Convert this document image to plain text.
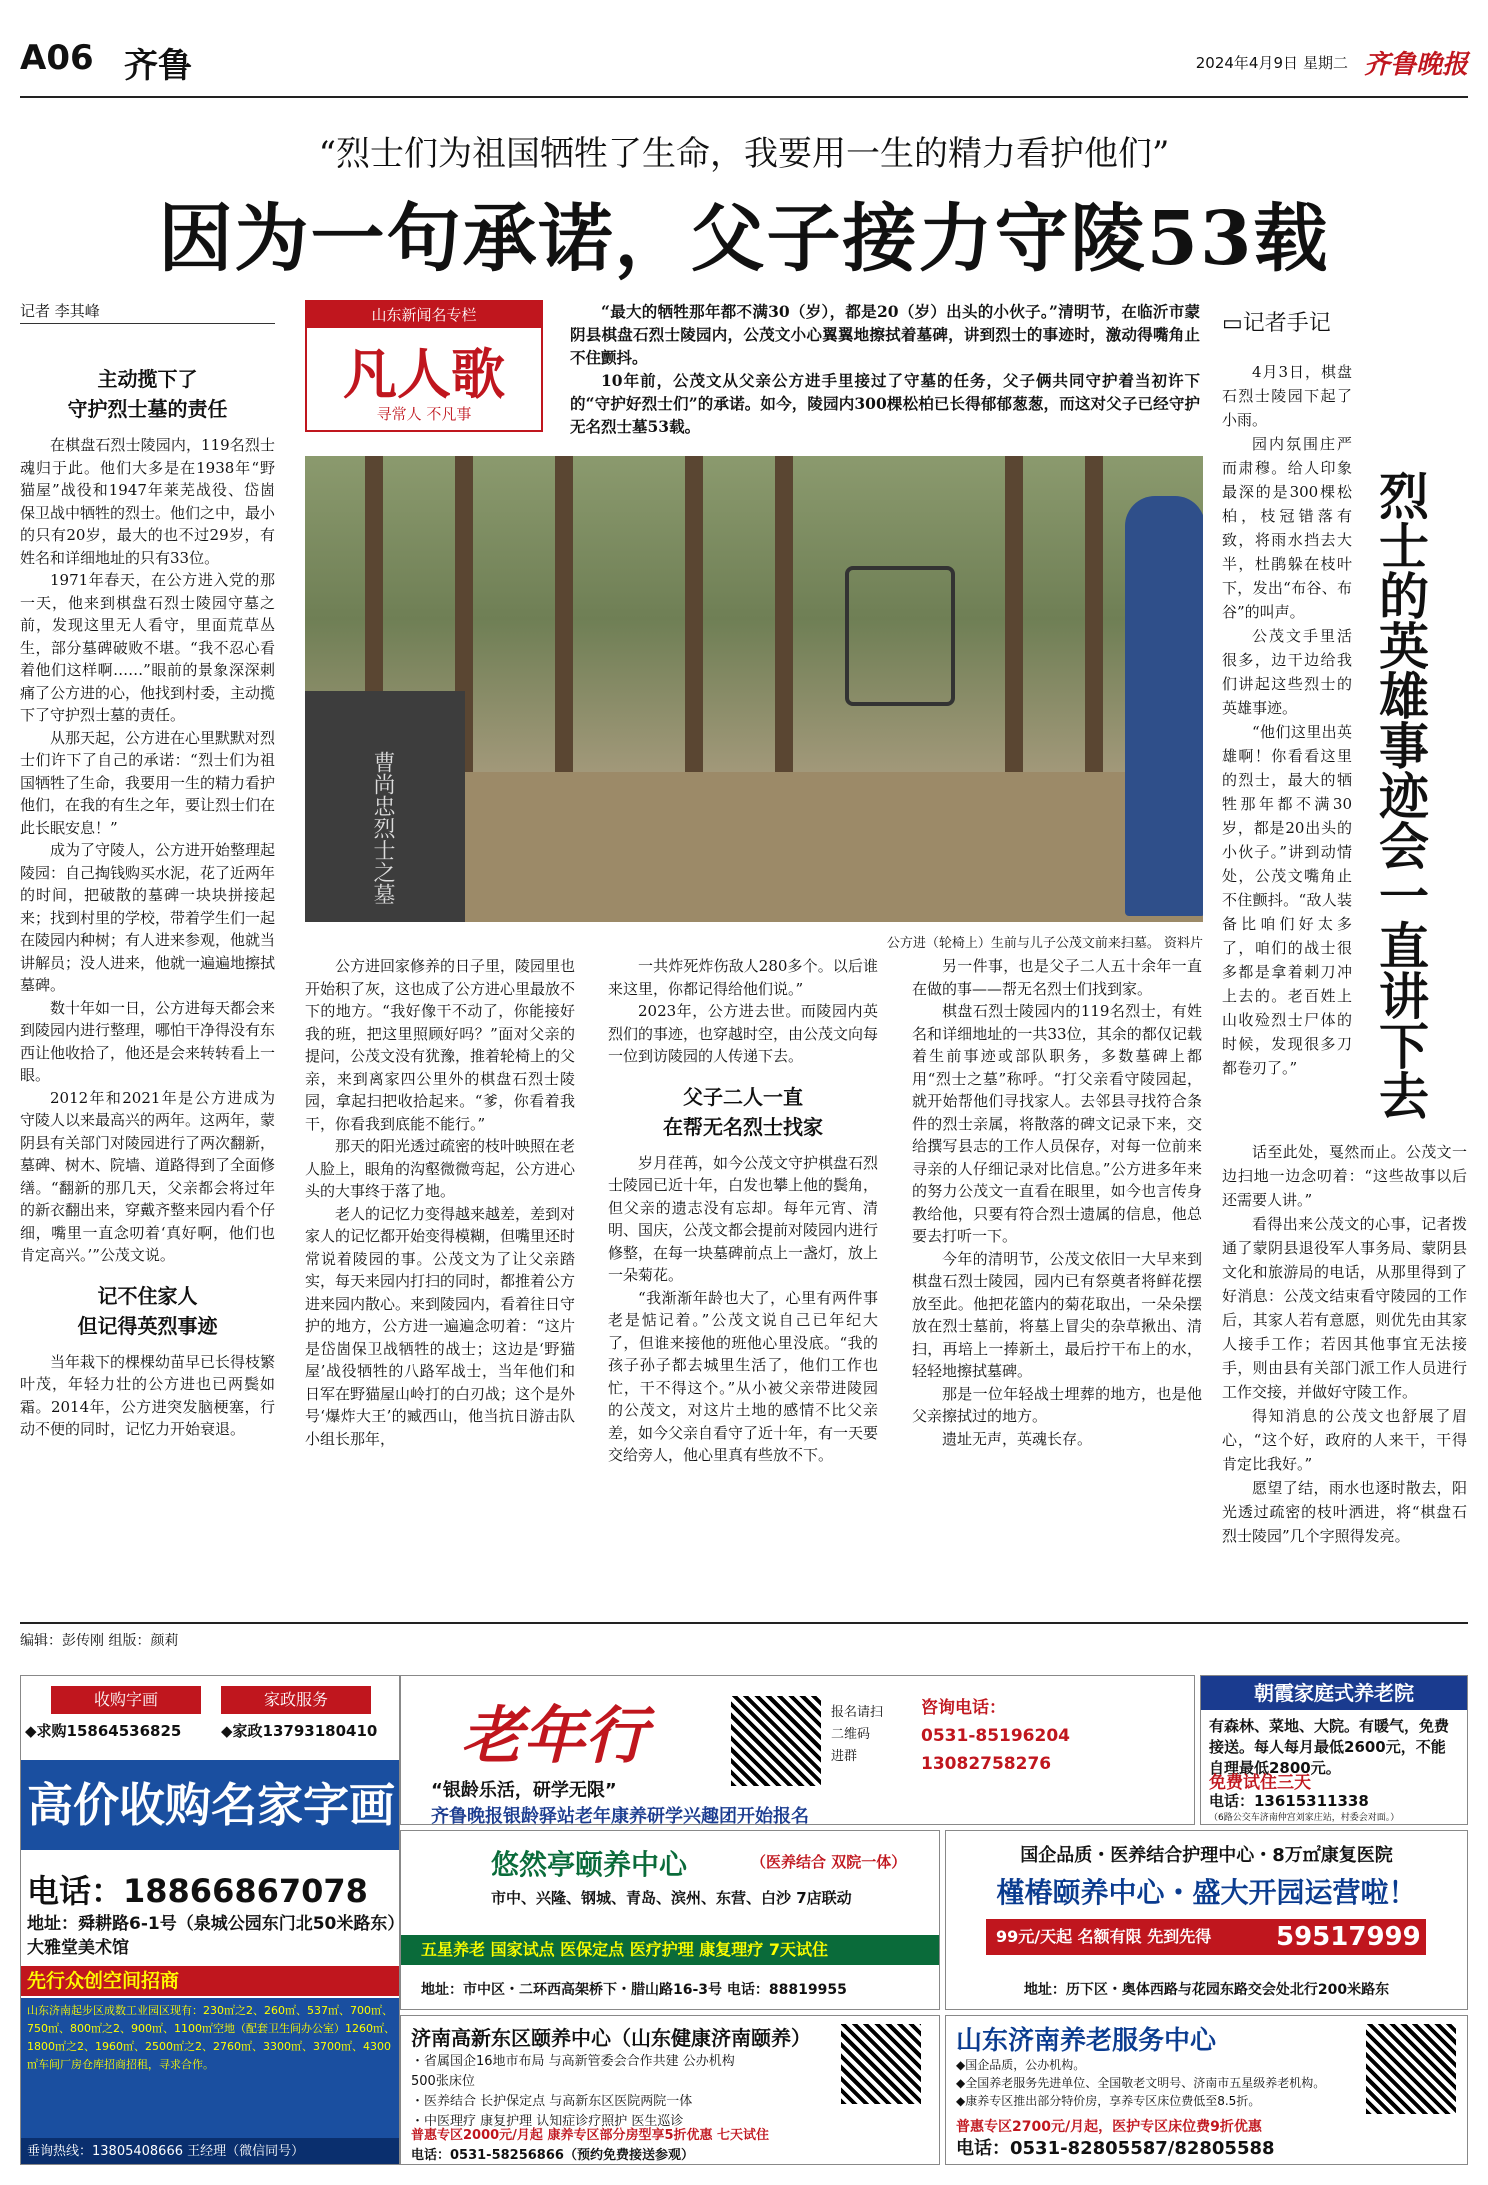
A06 齐鲁	2024年4月9日 星期二 齐鲁晚报
“烈士们为祖国牺牲了生命，我要用一生的精力看护他们”
因为一句承诺，父子接力守陵53载
记者 李其峰
主动揽下了
守护烈士墓的责任

在棋盘石烈士陵园内，119名烈士魂归于此。他们大多是在1938年“野猫屋”战役和1947年莱芜战役、岱崮保卫战中牺牲的烈士。他们之中，最小的只有20岁，最大的也不过29岁，有姓名和详细地址的只有33位。

1971年春天，在公方进入党的那一天，他来到棋盘石烈士陵园守墓之前，发现这里无人看守，里面荒草丛生，部分墓碑破败不堪。“我不忍心看着他们这样啊……”眼前的景象深深刺痛了公方进的心，他找到村委，主动揽下了守护烈士墓的责任。

从那天起，公方进在心里默默对烈士们许下了自己的承诺：“烈士们为祖国牺牲了生命，我要用一生的精力看护他们，在我的有生之年，要让烈士们在此长眠安息！”

成为了守陵人，公方进开始整理起陵园：自己掏钱购买水泥，花了近两年的时间，把破散的墓碑一块块拼接起来；找到村里的学校，带着学生们一起在陵园内种树；有人进来参观，他就当讲解员；没人进来，他就一遍遍地擦拭墓碑。

数十年如一日，公方进每天都会来到陵园内进行整理，哪怕干净得没有东西让他收拾了，他还是会来转转看上一眼。

2012年和2021年是公方进成为守陵人以来最高兴的两年。这两年，蒙阴县有关部门对陵园进行了两次翻新，墓碑、树木、院墙、道路得到了全面修缮。“翻新的那几天，父亲都会将过年的新衣翻出来，穿戴齐整来园内看个仔细，嘴里一直念叨着‘真好啊，他们也肯定高兴。’”公茂文说。

记不住家人
但记得英烈事迹

当年栽下的棵棵幼苗早已长得枝繁叶茂，年轻力壮的公方进也已两鬓如霜。2014年，公方进突发脑梗塞，行动不便的同时，记忆力开始衰退。

山东新闻名专栏
凡人歌
寻常人 不凡事

“最大的牺牲那年都不满30（岁），都是20（岁）出头的小伙子。”清明节，在临沂市蒙阴县棋盘石烈士陵园内，公茂文小心翼翼地擦拭着墓碑，讲到烈士的事迹时，激动得嘴角止不住颤抖。

10年前，公茂文从父亲公方进手里接过了守墓的任务，父子俩共同守护着当初许下的“守护好烈士们”的承诺。如今，陵园内300棵松柏已长得郁郁葱葱，而这对父子已经守护无名烈士墓53载。

曹尚忠烈士之墓
公方进（轮椅上）生前与儿子公茂文前来扫墓。 资料片

公方进回家修养的日子里，陵园里也开始积了灰，这也成了公方进心里最放不下的地方。“我好像干不动了，你能接好我的班，把这里照顾好吗？”面对父亲的提问，公茂文没有犹豫，推着轮椅上的父亲，来到离家四公里外的棋盘石烈士陵园，拿起扫把收拾起来。“爹，你看着我干，你看我到底能不能行。”

那天的阳光透过疏密的枝叶映照在老人脸上，眼角的沟壑微微弯起，公方进心头的大事终于落了地。

老人的记忆力变得越来越差，差到对家人的记忆都开始变得模糊，但嘴里还时常说着陵园的事。公茂文为了让父亲踏实，每天来园内打扫的同时，都推着公方进来园内散心。来到陵园内，看着往日守护的地方，公方进一遍遍念叨着：“这片是岱崮保卫战牺牲的战士；这边是‘野猫屋’战役牺牲的八路军战士，当年他们和日军在野猫屋山岭打的白刃战；这个是外号‘爆炸大王’的臧西山，他当抗日游击队小组长那年，

一共炸死炸伤敌人280多个。以后谁来这里，你都记得给他们说。”

2023年，公方进去世。而陵园内英烈们的事迹，也穿越时空，由公茂文向每一位到访陵园的人传递下去。

父子二人一直
在帮无名烈士找家

岁月荏苒，如今公茂文守护棋盘石烈士陵园已近十年，白发也攀上他的鬓角，但父亲的遗志没有忘却。每年元宵、清明、国庆，公茂文都会提前对陵园内进行修整，在每一块墓碑前点上一盏灯，放上一朵菊花。

“我渐渐年龄也大了，心里有两件事老是惦记着。”公茂文说自己已年纪大了，但谁来接他的班他心里没底。“我的孩子孙子都去城里生活了，他们工作也忙，干不得这个。”从小被父亲带进陵园的公茂文，对这片土地的感情不比父亲差，如今父亲自看守了近十年，有一天要交给旁人，他心里真有些放不下。

另一件事，也是父子二人五十余年一直在做的事——帮无名烈士们找到家。

棋盘石烈士陵园内的119名烈士，有姓名和详细地址的一共33位，其余的都仅记载着生前事迹或部队职务，多数墓碑上都用“烈士之墓”称呼。“打父亲看守陵园起，就开始帮他们寻找家人。去邻县寻找符合条件的烈士亲属，将散落的碑文记录下来，交给撰写县志的工作人员保存，对每一位前来寻亲的人仔细记录对比信息。”公方进多年来的努力公茂文一直看在眼里，如今也言传身教给他，只要有符合烈士遗属的信息，他总要去打听一下。

今年的清明节，公茂文依旧一大早来到棋盘石烈士陵园，园内已有祭奠者将鲜花摆放至此。他把花篮内的菊花取出，一朵朵摆放在烈士墓前，将墓上冒尖的杂草揪出、清扫，再培上一捧新土，最后拧干布上的水，轻轻地擦拭墓碑。

那是一位年轻战士埋葬的地方，也是他父亲擦拭过的地方。

遗址无声，英魂长存。

▭记者手记
烈士的英雄事迹会一直讲下去

4月3日，棋盘石烈士陵园下起了小雨。

园内氛围庄严而肃穆。给人印象最深的是300棵松柏，枝冠错落有致，将雨水挡去大半，杜鹃躲在枝叶下，发出“布谷、布谷”的叫声。

公茂文手里活很多，边干边给我们讲起这些烈士的英雄事迹。

“他们这里出英雄啊！你看看这里的烈士，最大的牺牲那年都不满30岁，都是20出头的小伙子。”讲到动情处，公茂文嘴角止不住颤抖。“敌人装备比咱们好太多了，咱们的战士很多都是拿着刺刀冲上去的。老百姓上山收殓烈士尸体的时候，发现很多刀都卷刃了。”

话至此处，戛然而止。公茂文一边扫地一边念叨着：“这些故事以后还需要人讲。”

看得出来公茂文的心事，记者拨通了蒙阴县退役军人事务局、蒙阴县文化和旅游局的电话，从那里得到了好消息：公茂文结束看守陵园的工作后，其家人若有意愿，则优先由其家人接手工作；若因其他事宜无法接手，则由县有关部门派工作人员进行工作交接，并做好守陵工作。

得知消息的公茂文也舒展了眉心，“这个好，政府的人来干，干得肯定比我好。”

愿望了结，雨水也逐时散去，阳光透过疏密的枝叶洒进，将“棋盘石烈士陵园”几个字照得发亮。

编辑：彭传刚 组版：颜莉
收购字画	家政服务
◆求购15864536825	◆家政13793180410
高价收购名家字画
电话：18866867078
地址：舜耕路6-1号（泉城公园东门北50米路东）大雅堂美术馆
先行众创空间招商
山东济南起步区成数工业园区现有：230㎡之2、260㎡、537㎡、700㎡、750㎡、800㎡之2、900㎡、1100㎡空地（配套卫生间办公室）1260㎡、1800㎡之2、1960㎡、2500㎡之2、2760㎡、3300㎡、3700㎡、4300㎡车间厂房仓库招商招租，寻求合作。
垂询热线：13805408666 王经理（微信同号）
老年行
“银龄乐活，研学无限”
齐鲁晚报银龄驿站老年康养研学兴趣团开始报名
报名请扫
二维码
进群
咨询电话：
0531-85196204
13082758276
朝霞家庭式养老院
有森林、菜地、大院。有暖气，免费接送。每人每月最低2600元，不能自理最低2800元。
免费试住三天
电话：13615311338
（6路公交车济南仲宫刘家庄站，村委会对面。）
悠然亭颐养中心	（医养结合 双院一体）
市中、兴隆、钢城、青岛、滨州、东营、白沙 7店联动
五星养老 国家试点 医保定点 医疗护理 康复理疗 7天试住
地址：市中区・二环西高架桥下・腊山路16-3号 电话：88819955
国企品质・医养结合护理中心・8万㎡康复医院
槿椿颐养中心・盛大开园运营啦！
99元/天起 名额有限 先到先得	59517999
地址：历下区・奥体西路与花园东路交会处北行200米路东
济南高新东区颐养中心（山东健康济南颐养）
・省属国企16地市布局 与高新管委会合作共建 公办机构 500张床位
・医养结合 长护保定点 与高新东区医院两院一体
・中医理疗 康复护理 认知症诊疗照护 医生巡诊
普惠专区2000元/月起 康养专区部分房型享5折优惠 七天试住
电话：0531-58256866（预约免费接送参观）
山东济南养老服务中心
◆国企品质，公办机构。
◆全国养老服务先进单位、全国敬老文明号、济南市五星级养老机构。
◆康养专区推出部分特价房，享养专区床位费低至8.5折。
普惠专区2700元/月起，医护专区床位费9折优惠
电话：0531-82805587/82805588
